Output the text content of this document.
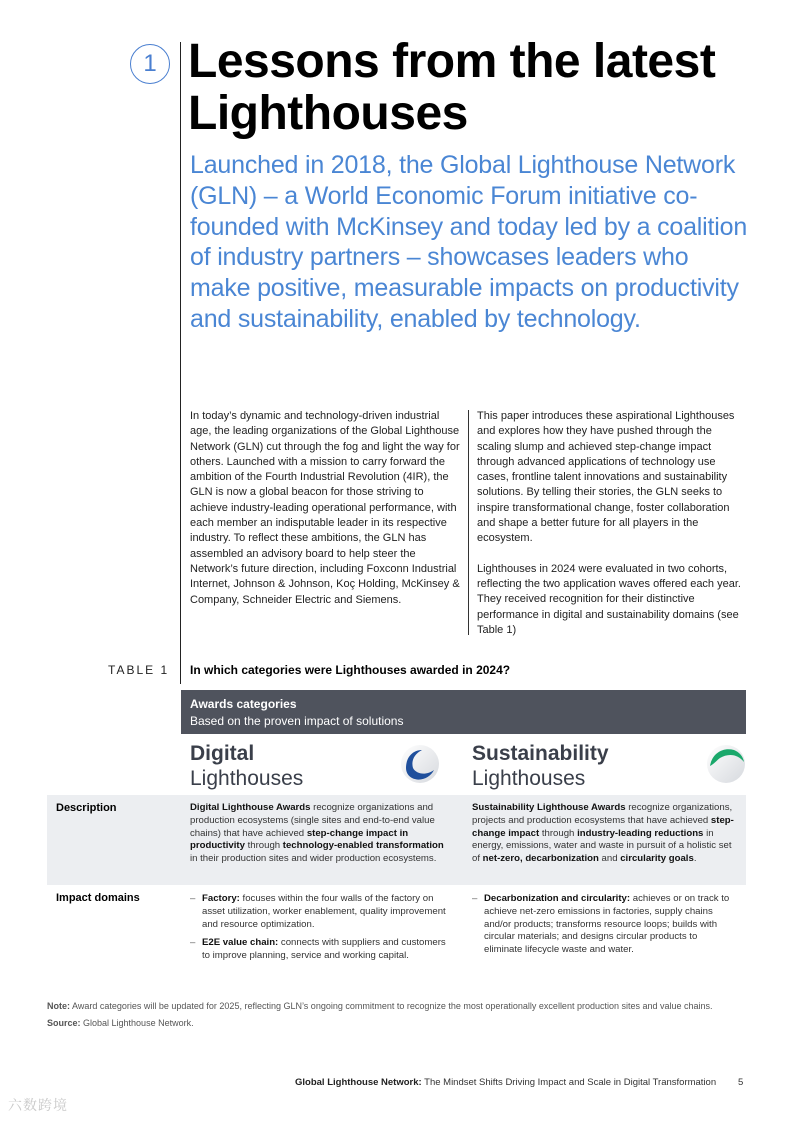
1 Lessons from the latest Lighthouses
Launched in 2018, the Global Lighthouse Network (GLN) – a World Economic Forum initiative co-founded with McKinsey and today led by a coalition of industry partners – showcases leaders who make positive, measurable impacts on productivity and sustainability, enabled by technology.
In today’s dynamic and technology-driven industrial age, the leading organizations of the Global Lighthouse Network (GLN) cut through the fog and light the way for others. Launched with a mission to carry forward the ambition of the Fourth Industrial Revolution (4IR), the GLN is now a global beacon for those striving to achieve industry-leading operational performance, with each member an indisputable leader in its respective industry. To reflect these ambitions, the GLN has assembled an advisory board to help steer the Network’s future direction, including Foxconn Industrial Internet, Johnson & Johnson, Koç Holding, McKinsey & Company, Schneider Electric and Siemens.

This paper introduces these aspirational Lighthouses and explores how they have pushed through the scaling slump and achieved step-change impact through advanced applications of technology use cases, frontline talent innovations and sustainability solutions. By telling their stories, the GLN seeks to inspire transformational change, foster collaboration and shape a better future for all players in the ecosystem.

Lighthouses in 2024 were evaluated in two cohorts, reflecting the two application waves offered each year. They received recognition for their distinctive performance in digital and sustainability domains (see Table 1)

TABLE 1 In which categories were Lighthouses awarded in 2024?
Awards categories
Based on the proven impact of solutions
Digital
Lighthouses
Sustainability
Lighthouses
Description	Digital Lighthouse Awards recognize organizations and production ecosystems (single sites and end-to-end value chains) that have achieved step-change impact in productivity through technology-enabled transformation in their production sites and wider production ecosystems.
Sustainability Lighthouse Awards recognize organizations, projects and production ecosystems that have achieved step-change impact through industry-leading reductions in energy, emissions, water and waste in pursuit of a holistic set of net-zero, decarbonization and circularity goals.
Impact domains
–	Factory: focuses within the four walls of the factory on asset utilization, worker enablement, quality improvement and resource optimization.
– E2E value chain: connects with suppliers and customers to improve planning, service and working capital.
– Decarbonization and circularity: achieves or on track to achieve net-zero emissions in factories, supply chains and/or products; transforms resource loops; builds with circular materials; and designs circular products to eliminate lifecycle waste and water.
Note: Award categories will be updated for 2025, reflecting GLN’s ongoing commitment to recognize the most operationally excellent production sites and value chains.
Source: Global Lighthouse Network.
Global Lighthouse Network: The Mindset Shifts Driving Impact and Scale in Digital Transformation 5
六数跨境
